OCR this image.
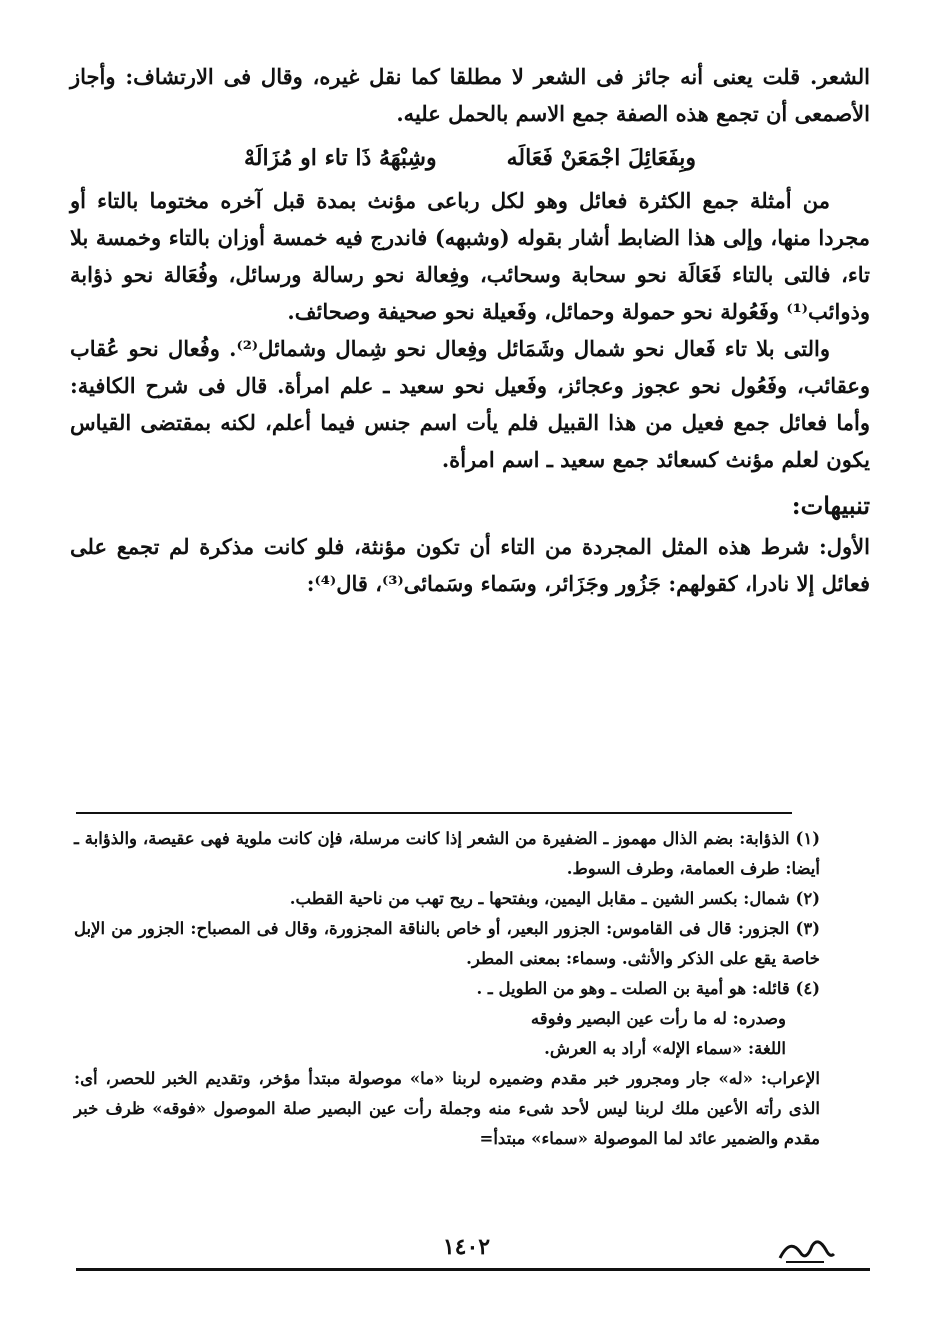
الشعر. قلت يعنى أنه جائز فى الشعر لا مطلقا كما نقل غيره، وقال فى الارتشاف: وأجاز الأصمعى أن تجمع هذه الصفة جمع الاسم بالحمل عليه.

وبِفَعَائِلَ اجْمَعَنْ فَعَالَه
وشِبْهَهُ ذَا تاء او مُزَالَهْ

من أمثلة جمع الكثرة فعائل وهو لكل رباعى مؤنث بمدة قبل آخره مختوما بالتاء أو مجردا منها، وإلى هذا الضابط أشار بقوله (وشبهه) فاندرج فيه خمسة أوزان بالتاء وخمسة بلا تاء، فالتى بالتاء فَعَالَة نحو سحابة وسحائب، وفِعالة نحو رسالة ورسائل، وفُعَالة نحو ذؤابة وذوائب⁽¹⁾ وفَعُولة نحو حمولة وحمائل، وفَعيلة نحو صحيفة وصحائف.

والتى بلا تاء فَعال نحو شمال وشَمَائل وفِعال نحو شِمال وشمائل⁽²⁾. وفُعال نحو عُقاب وعقائب، وفَعُول نحو عجوز وعجائز، وفَعيل نحو سعيد ـ علم امرأة. قال فى شرح الكافية: وأما فعائل جمع فعيل من هذا القبيل فلم يأت اسم جنس فيما أعلم، لكنه بمقتضى القياس يكون لعلم مؤنث كسعائد جمع سعيد ـ اسم امرأة.

تنبيهات:

الأول: شرط هذه المثل المجردة من التاء أن تكون مؤنثة، فلو كانت مذكرة لم تجمع على فعائل إلا نادرا، كقولهم: جَزُور وجَزَائر، وسَماء وسَمائى⁽³⁾، قال⁽⁴⁾:

(١) الذؤابة: بضم الذال مهموز ـ الضفيرة من الشعر إذا كانت مرسلة، فإن كانت ملوية فهى عقيصة، والذؤابة ـ أيضا: طرف العمامة، وطرف السوط.

(٢) شمال: بكسر الشين ـ مقابل اليمين، وبفتحها ـ ريح تهب من ناحية القطب.

(٣) الجزور: قال فى القاموس: الجزور البعير، أو خاص بالناقة المجزورة، وقال فى المصباح: الجزور من الإبل خاصة يقع على الذكر والأنثى. وسماء: بمعنى المطر.

(٤) قائله: هو أمية بن الصلت ـ وهو من الطويل ـ .

وصدره: له ما رأت عين البصير وفوقه

اللغة: «سماء الإله» أراد به العرش.

الإعراب: «له» جار ومجرور خبر مقدم وضميره لربنا «ما» موصولة مبتدأ مؤخر، وتقديم الخبر للحصر، أى: الذى رأته الأعين ملك لربنا ليس لأحد شىء منه وجملة رأت عين البصير صلة الموصول «فوقه» ظرف خبر مقدم والضمير عائد لما الموصولة «سماء» مبتدأ=

١٤٠٢
